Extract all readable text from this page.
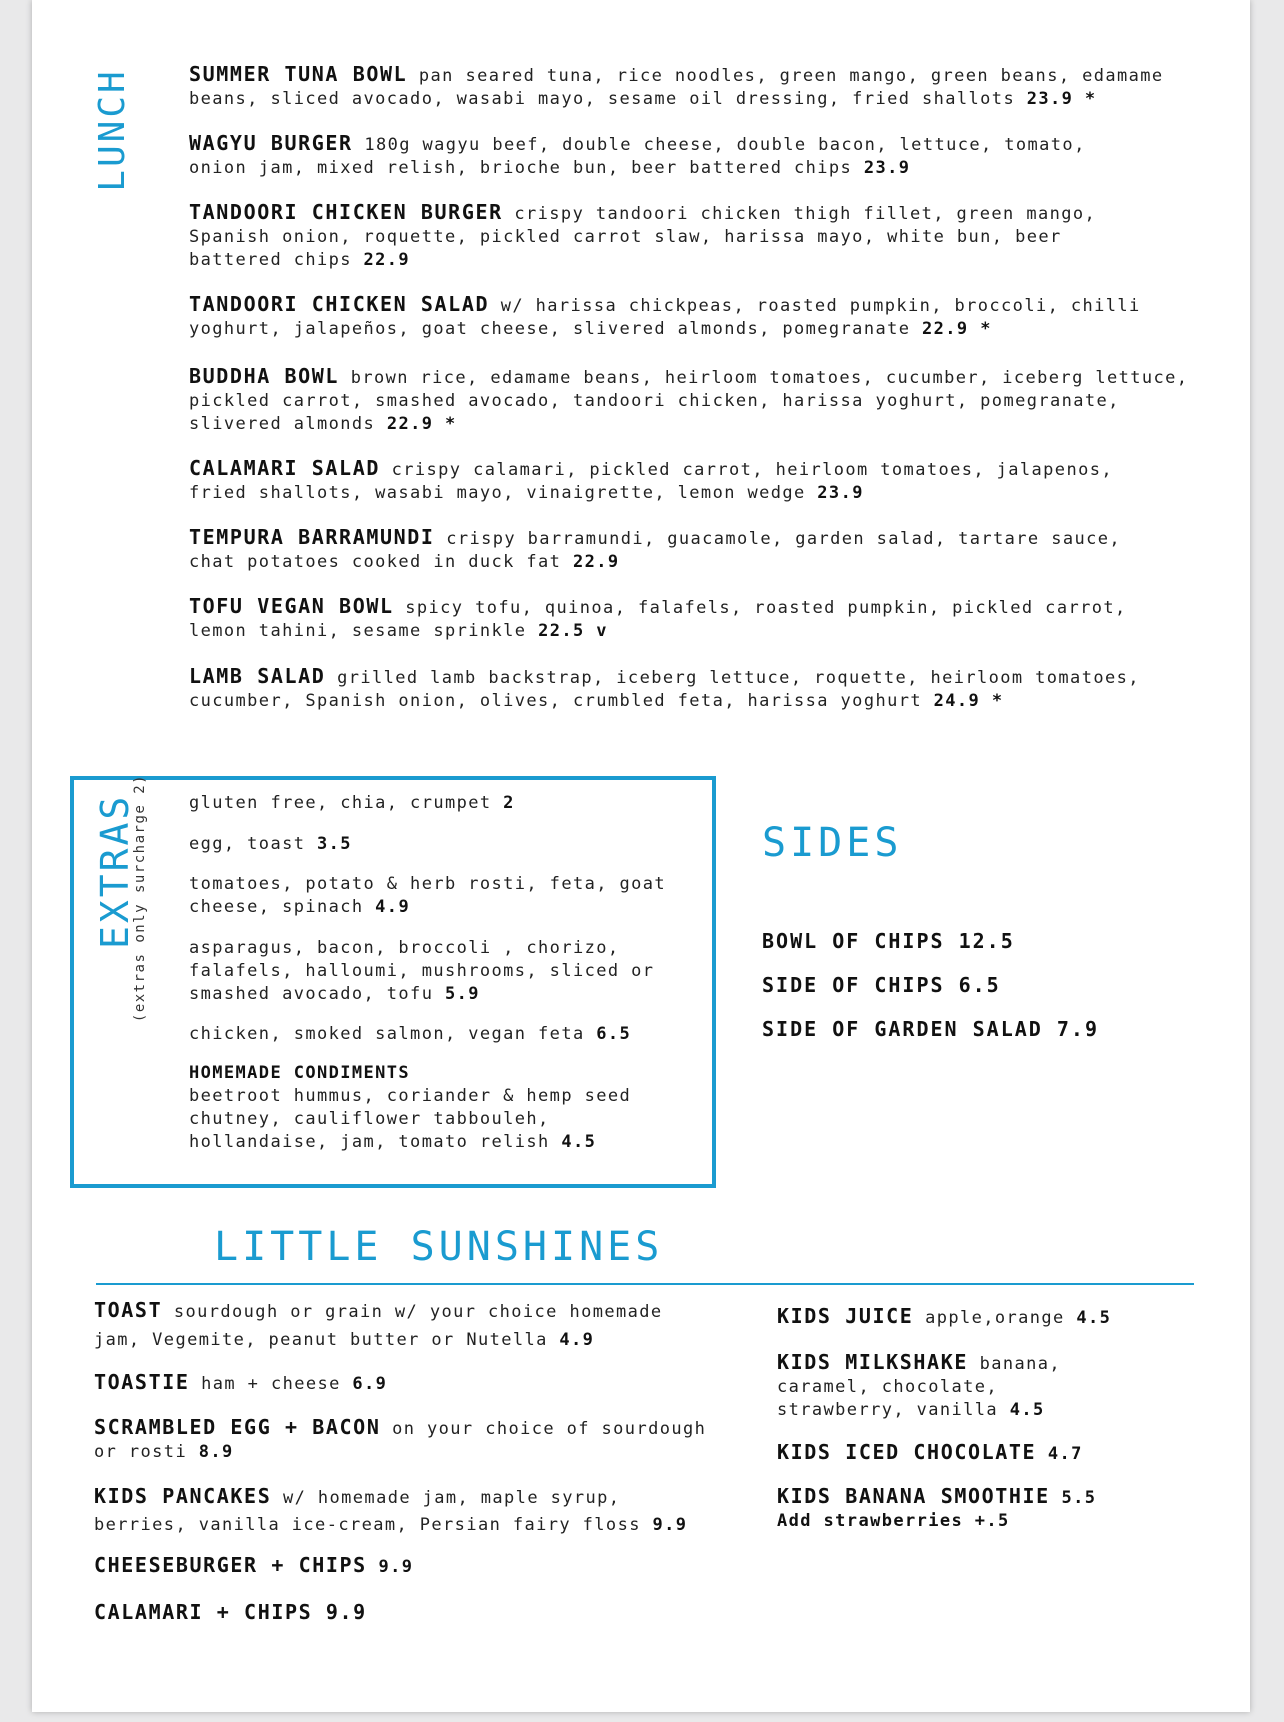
LUNCH	SUMMER TUNA BOWL pan seared tuna, rice noodles, green mango, green beans, edamame beans, sliced avocado, wasabi mayo, sesame oil dressing, fried shallots 23.9 *
WAGYU BURGER 180g wagyu beef, double cheese, double bacon, lettuce, tomato, onion jam, mixed relish, brioche bun, beer battered chips 23.9
TANDOORI CHICKEN BURGER crispy tandoori chicken thigh fillet, green mango, Spanish onion, roquette, pickled carrot slaw, harissa mayo, white bun, beer battered chips 22.9
TANDOORI CHICKEN SALAD w/ harissa chickpeas, roasted pumpkin, broccoli, chilli yoghurt, jalapeños, goat cheese, slivered almonds, pomegranate 22.9 *
BUDDHA BOWL brown rice, edamame beans, heirloom tomatoes, cucumber, iceberg lettuce, pickled carrot, smashed avocado, tandoori chicken, harissa yoghurt, pomegranate, slivered almonds 22.9 *
CALAMARI SALAD crispy calamari, pickled carrot, heirloom tomatoes, jalapenos, fried shallots, wasabi mayo, vinaigrette, lemon wedge 23.9
TEMPURA BARRAMUNDI crispy barramundi, guacamole, garden salad, tartare sauce, chat potatoes cooked in duck fat 22.9
TOFU VEGAN BOWL spicy tofu, quinoa, falafels, roasted pumpkin, pickled carrot, lemon tahini, sesame sprinkle 22.5 v
LAMB SALAD grilled lamb backstrap, iceberg lettuce, roquette, heirloom tomatoes, cucumber, Spanish onion, olives, crumbled feta, harissa yoghurt 24.9 *
EXTRAS
(extras only surcharge 2) gluten free, chia, crumpet 2
egg, toast 3.5
tomatoes, potato & herb rosti, feta, goat cheese, spinach 4.9
asparagus, bacon, broccoli , chorizo, falafels, halloumi, mushrooms, sliced or smashed avocado, tofu 5.9
chicken, smoked salmon, vegan feta 6.5
HOMEMADE CONDIMENTS
beetroot hummus, coriander & hemp seed chutney, cauliflower tabbouleh, hollandaise, jam, tomato relish 4.5
SIDES
BOWL OF CHIPS 12.5
SIDE OF CHIPS 6.5
SIDE OF GARDEN SALAD 7.9
LITTLE SUNSHINES
TOAST sourdough or grain w/ your choice homemade jam, Vegemite, peanut butter or Nutella 4.9
TOASTIE ham + cheese 6.9
SCRAMBLED EGG + BACON on your choice of sourdough or rosti 8.9
KIDS PANCAKES w/ homemade jam, maple syrup, berries, vanilla ice-cream, Persian fairy floss 9.9
CHEESEBURGER + CHIPS 9.9
CALAMARI + CHIPS 9.9
KIDS JUICE apple,orange 4.5
KIDS MILKSHAKE banana, caramel, chocolate, strawberry, vanilla 4.5
KIDS ICED CHOCOLATE 4.7
KIDS BANANA SMOOTHIE 5.5
Add strawberries +.5
